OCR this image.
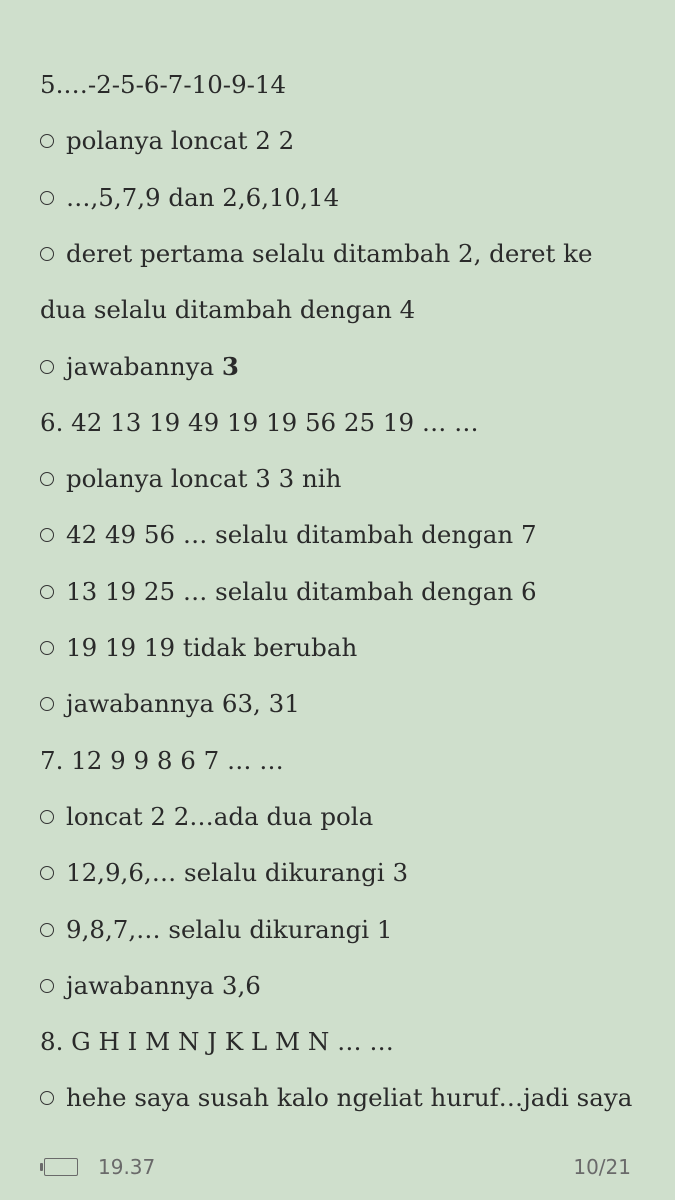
5.…-2-5-6-7-10-9-14
polanya loncat 2 2
…,5,7,9 dan 2,6,10,14
deret pertama selalu ditambah 2, deret ke
dua selalu ditambah dengan 4
jawabannya 3
6. 42 13 19 49 19 19 56 25 19 … …
polanya loncat 3 3 nih
42 49 56 … selalu ditambah dengan 7
13 19 25 … selalu ditambah dengan 6
19 19 19 tidak berubah
jawabannya 63, 31
7. 12 9 9 8 6 7 … …
loncat 2 2…ada dua pola
12,9,6,… selalu dikurangi 3
9,8,7,… selalu dikurangi 1
jawabannya 3,6
8. G H I M N J K L M N … …
hehe saya susah kalo ngeliat huruf…jadi saya
19.37	10/21
